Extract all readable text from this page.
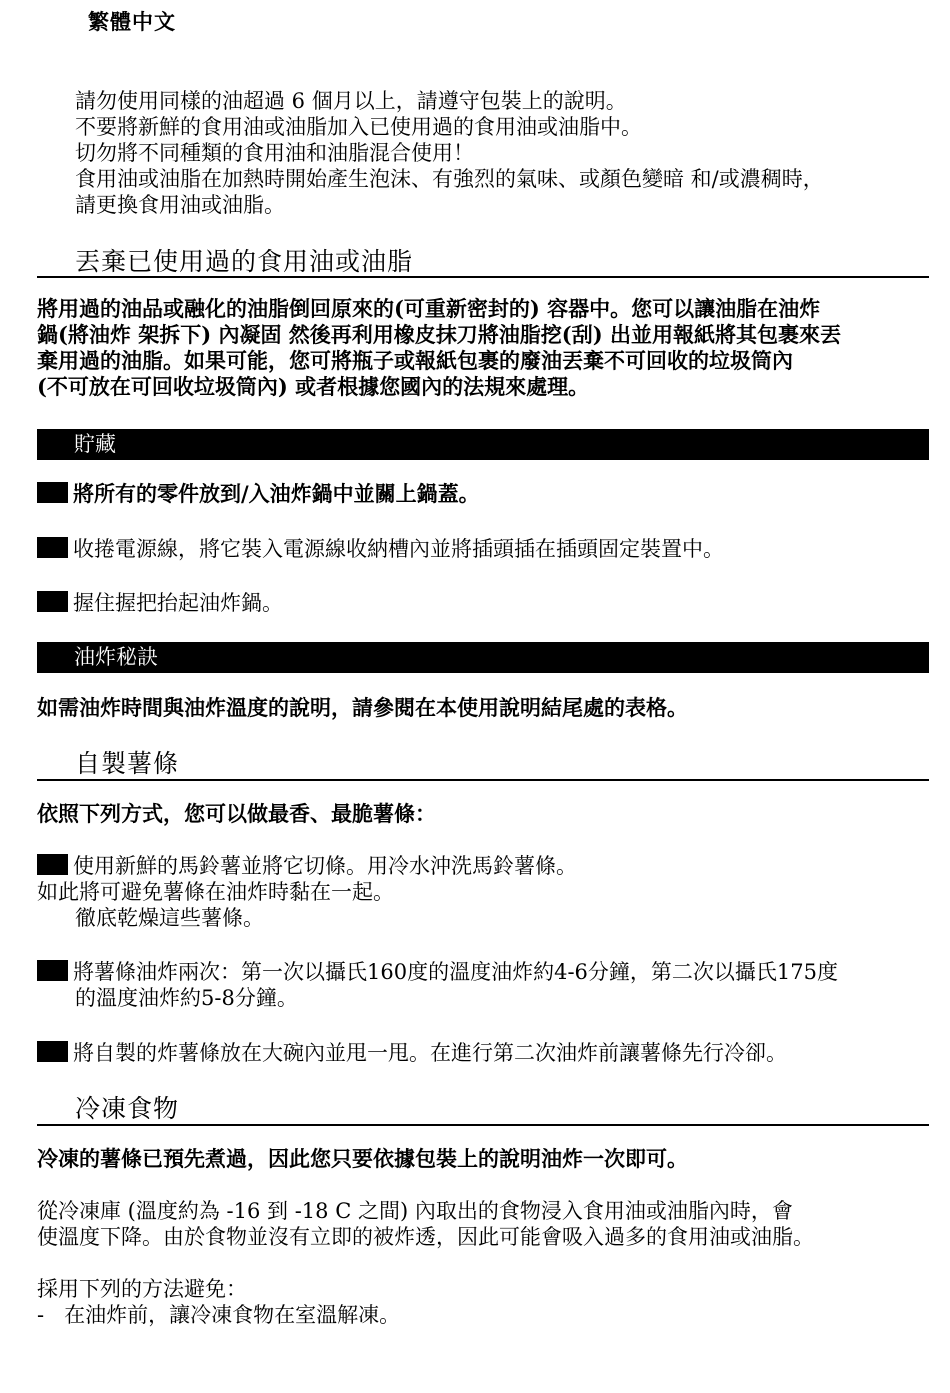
繁體中文

請勿使用同樣的油超過 6 個月以上，請遵守包裝上的說明。

不要將新鮮的食用油或油脂加入已使用過的食用油或油脂中。

切勿將不同種類的食用油和油脂混合使用！

食用油或油脂在加熱時開始產生泡沫、有強烈的氣味、或顏色變暗 和/或濃稠時，

請更換食用油或油脂。

丟棄已使用過的食用油或油脂

將用過的油品或融化的油脂倒回原來的(可重新密封的) 容器中。您可以讓油脂在油炸

鍋(將油炸 架拆下) 內凝固 然後再利用橡皮抹刀將油脂挖(刮) 出並用報紙將其包裹來丟

棄用過的油脂。如果可能，您可將瓶子或報紙包裹的廢油丟棄不可回收的垃圾筒內

(不可放在可回收垃圾筒內) 或者根據您國內的法規來處理。

貯藏
將所有的零件放到/入油炸鍋中並關上鍋蓋。
收捲電源線，將它裝入電源線收納槽內並將插頭插在插頭固定裝置中。
握住握把抬起油炸鍋。
油炸秘訣
如需油炸時間與油炸溫度的說明，請參閱在本使用說明結尾處的表格。
自製薯條
依照下列方式，您可以做最香、最脆薯條：
使用新鮮的馬鈴薯並將它切條。用冷水沖洗馬鈴薯條。
如此將可避免薯條在油炸時黏在一起。
徹底乾燥這些薯條。
將薯條油炸兩次：第一次以攝氏160度的溫度油炸約4-6分鐘，第二次以攝氏175度
的溫度油炸約5-8分鐘。
將自製的炸薯條放在大碗內並甩一甩。在進行第二次油炸前讓薯條先行冷卻。
冷凍食物
冷凍的薯條已預先煮過，因此您只要依據包裝上的說明油炸一次即可。

從冷凍庫 (溫度約為 -16 到 -18 C 之間) 內取出的食物浸入食用油或油脂內時，會

使溫度下降。由於食物並沒有立即的被炸透，因此可能會吸入過多的食用油或油脂。

採用下列的方法避免：
-   在油炸前，讓冷凍食物在室溫解凍。
